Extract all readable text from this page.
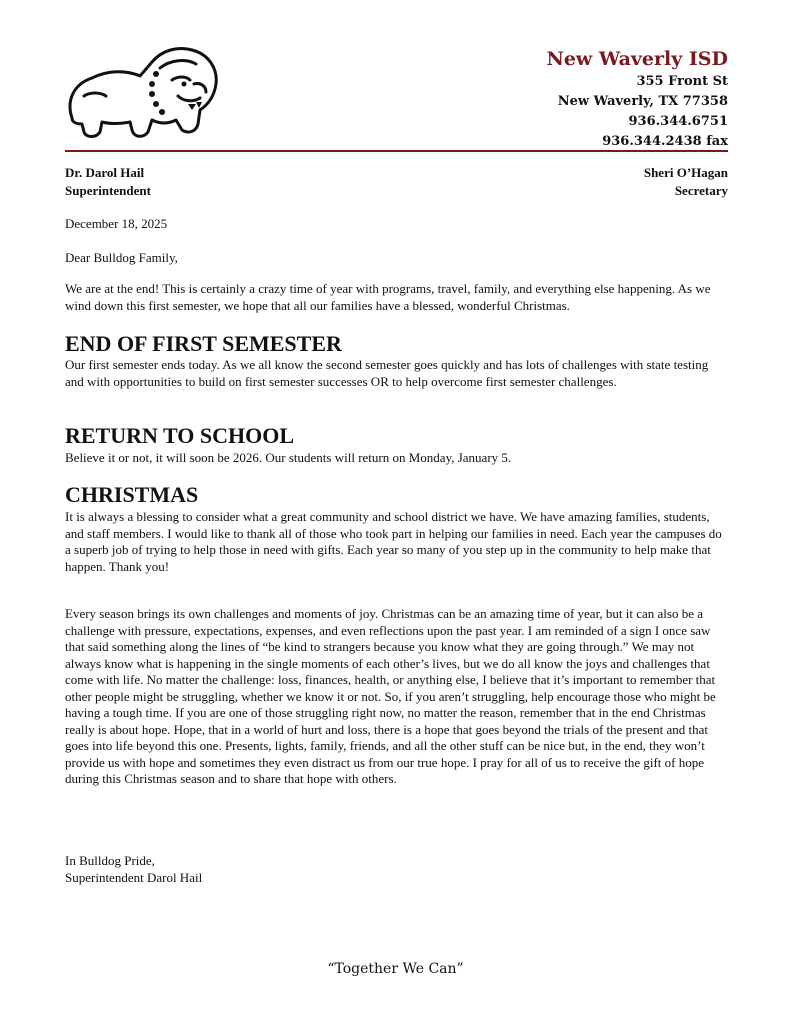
New Waverly ISD
355 Front St
New Waverly, TX 77358
936.344.6751
936.344.2438 fax
Dr. Darol Hail
Superintendent
Sheri O’Hagan
Secretary
December 18, 2025
Dear Bulldog Family,
We are at the end! This is certainly a crazy time of year with programs, travel, family, and everything else happening. As we wind down this first semester, we hope that all our families have a blessed, wonderful Christmas.
END OF FIRST SEMESTER
Our first semester ends today. As we all know the second semester goes quickly and has lots of challenges with state testing and with opportunities to build on first semester successes OR to help overcome first semester challenges.
RETURN TO SCHOOL
Believe it or not, it will soon be 2026. Our students will return on Monday, January 5.
CHRISTMAS
It is always a blessing to consider what a great community and school district we have. We have amazing families, students, and staff members. I would like to thank all of those who took part in helping our families in need. Each year the campuses do a superb job of trying to help those in need with gifts. Each year so many of you step up in the community to help make that happen. Thank you!
Every season brings its own challenges and moments of joy. Christmas can be an amazing time of year, but it can also be a challenge with pressure, expectations, expenses, and even reflections upon the past year. I am reminded of a sign I once saw that said something along the lines of “be kind to strangers because you know what they are going through.” We may not always know what is happening in the single moments of each other’s lives, but we do all know the joys and challenges that come with life. No matter the challenge: loss, finances, health, or anything else, I believe that it’s important to remember that other people might be struggling, whether we know it or not. So, if you aren’t struggling, help encourage those who might be having a tough time. If you are one of those struggling right now, no matter the reason, remember that in the end Christmas really is about hope. Hope, that in a world of hurt and loss, there is a hope that goes beyond the trials of the present and that goes into life beyond this one. Presents, lights, family, friends, and all the other stuff can be nice but, in the end, they won’t provide us with hope and sometimes they even distract us from our true hope. I pray for all of us to receive the gift of hope during this Christmas season and to share that hope with others.
In Bulldog Pride,
Superintendent Darol Hail
“Together We Can”
